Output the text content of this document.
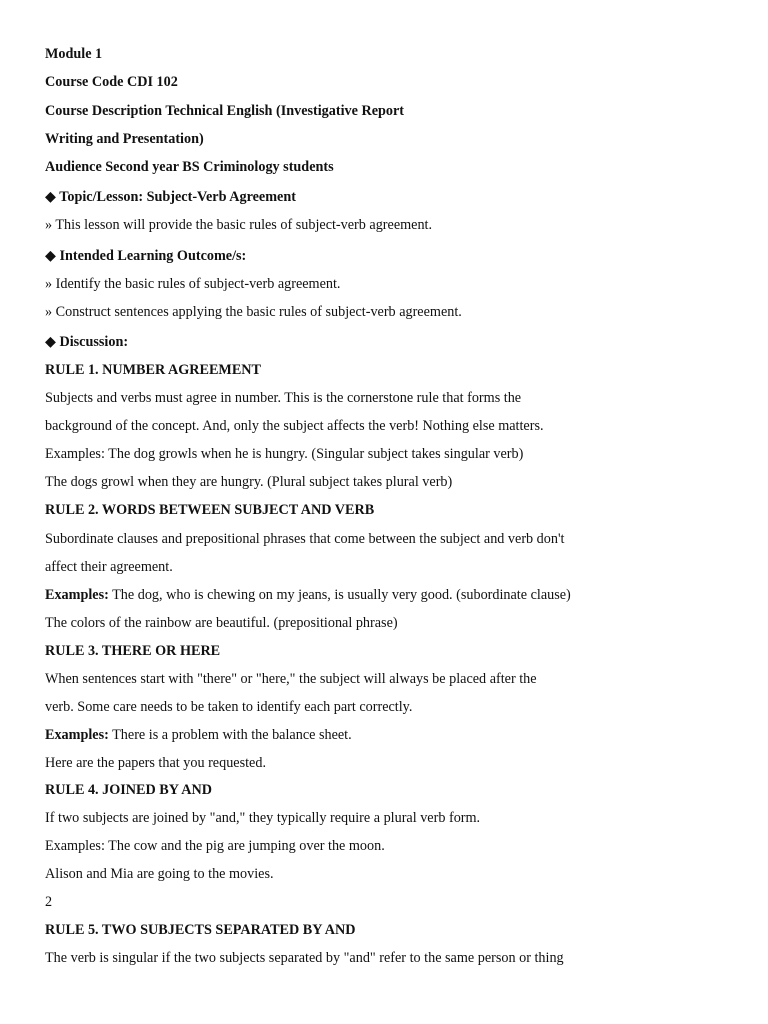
Module 1
Course Code CDI 102
Course Description Technical English (Investigative Report
Writing and Presentation)
Audience Second year BS Criminology students
◆ Topic/Lesson: Subject-Verb Agreement
» This lesson will provide the basic rules of subject-verb agreement.
◆ Intended Learning Outcome/s:
» Identify the basic rules of subject-verb agreement.
» Construct sentences applying the basic rules of subject-verb agreement.
◆ Discussion:
RULE 1. NUMBER AGREEMENT
Subjects and verbs must agree in number. This is the cornerstone rule that forms the
background of the concept. And, only the subject affects the verb! Nothing else matters.
Examples: The dog growls when he is hungry. (Singular subject takes singular verb)
The dogs growl when they are hungry. (Plural subject takes plural verb)
RULE 2. WORDS BETWEEN SUBJECT AND VERB
Subordinate clauses and prepositional phrases that come between the subject and verb don't
affect their agreement.
Examples: The dog, who is chewing on my jeans, is usually very good. (subordinate clause)
The colors of the rainbow are beautiful. (prepositional phrase)
RULE 3. THERE OR HERE
When sentences start with "there" or "here," the subject will always be placed after the
verb. Some care needs to be taken to identify each part correctly.
Examples: There is a problem with the balance sheet.
Here are the papers that you requested.
RULE 4. JOINED BY AND
If two subjects are joined by "and," they typically require a plural verb form.
Examples: The cow and the pig are jumping over the moon.
Alison and Mia are going to the movies.
2
RULE 5. TWO SUBJECTS SEPARATED BY AND
The verb is singular if the two subjects separated by "and" refer to the same person or thing
